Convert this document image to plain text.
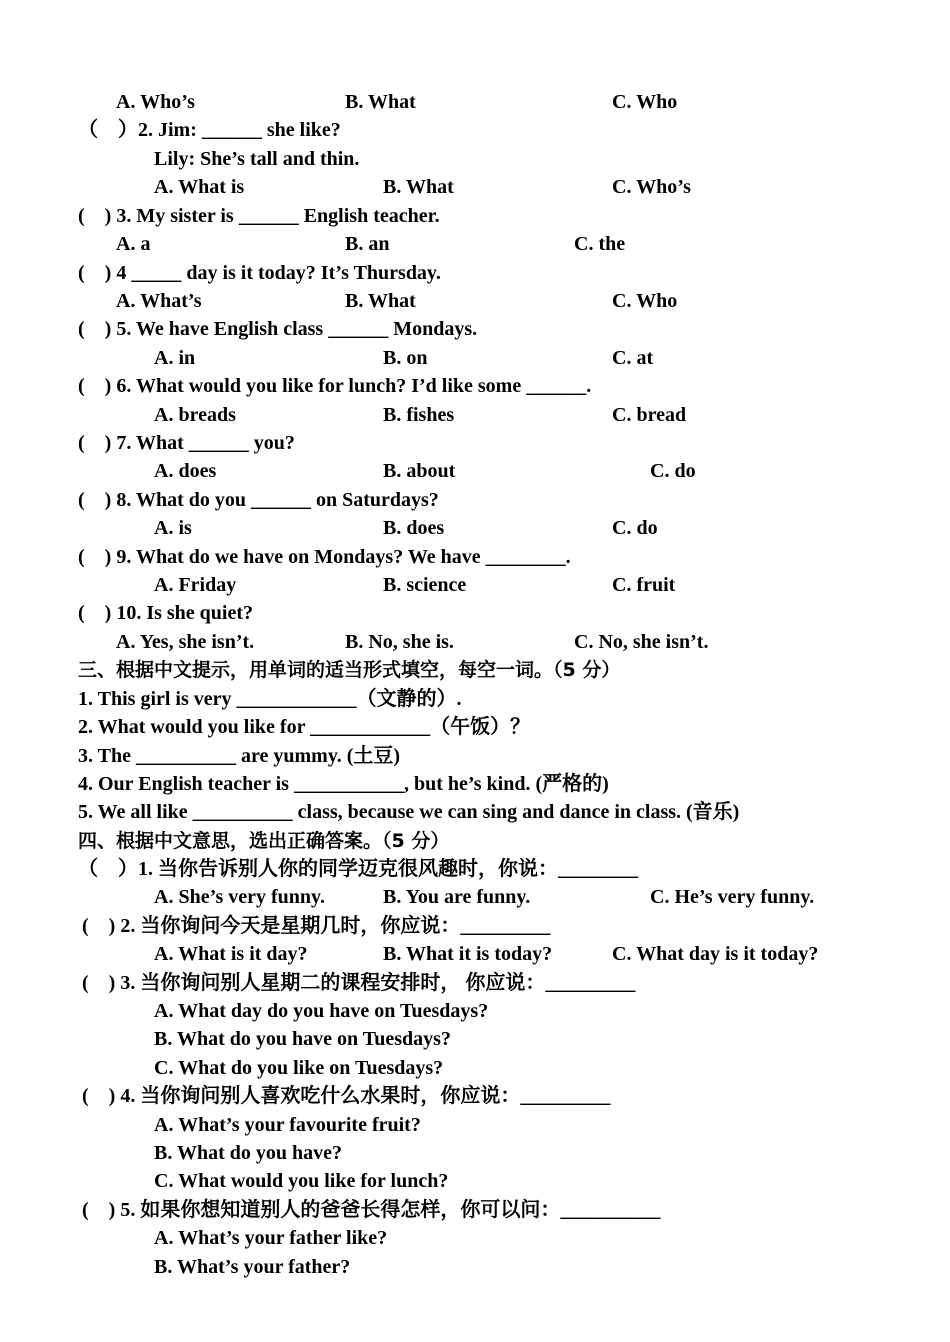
A. Who’s	B. What	C. Who
（　）2. Jim: ______ she like?
Lily: She’s tall and thin.
A. What is	B. What	C. Who’s
(　) 3. My sister is ______ English teacher.
A. a	B. an	C. the
(　) 4 _____ day is it today? It’s Thursday.
A. What’s	B. What	C. Who
(　) 5. We have English class ______ Mondays.
A. in	B. on	C. at
(　) 6. What would you like for lunch? I’d like some ______.
A. breads	B. fishes	C. bread
(　) 7. What ______ you?
A. does	B. about	C. do
(　) 8. What do you ______ on Saturdays?
A. is	B. does	C. do
(　) 9. What do we have on Mondays? We have ________.
A. Friday	B. science	C. fruit
(　) 10. Is she quiet?
A. Yes, she isn’t.	B. No, she is.	C. No, she isn’t.
三、根据中文提示，用单词的适当形式填空，每空一词。（5 分）
1. This girl is very ____________（文静的）.
2. What would you like for ____________（午饭）？
3. The __________ are yummy. (土豆)
4. Our English teacher is ___________, but he’s kind. (严格的)
5. We all like __________ class, because we can sing and dance in class. (音乐)
四、根据中文意思，选出正确答案。（5 分）
（　）1. 当你告诉别人你的同学迈克很风趣时，你说：________
A. She’s very funny.	B. You are funny.	C. He’s very funny.
(　) 2. 当你询问今天是星期几时，你应说：_________
A. What is it day?	B. What it is today?	C. What day is it today?
(　) 3. 当你询问别人星期二的课程安排时， 你应说：_________
A. What day do you have on Tuesdays?
B. What do you have on Tuesdays?
C. What do you like on Tuesdays?
(　) 4. 当你询问别人喜欢吃什么水果时，你应说：_________
A. What’s your favourite fruit?
B. What do you have?
C. What would you like for lunch?
(　) 5. 如果你想知道别人的爸爸长得怎样，你可以问：__________
A. What’s your father like?
B. What’s your father?
